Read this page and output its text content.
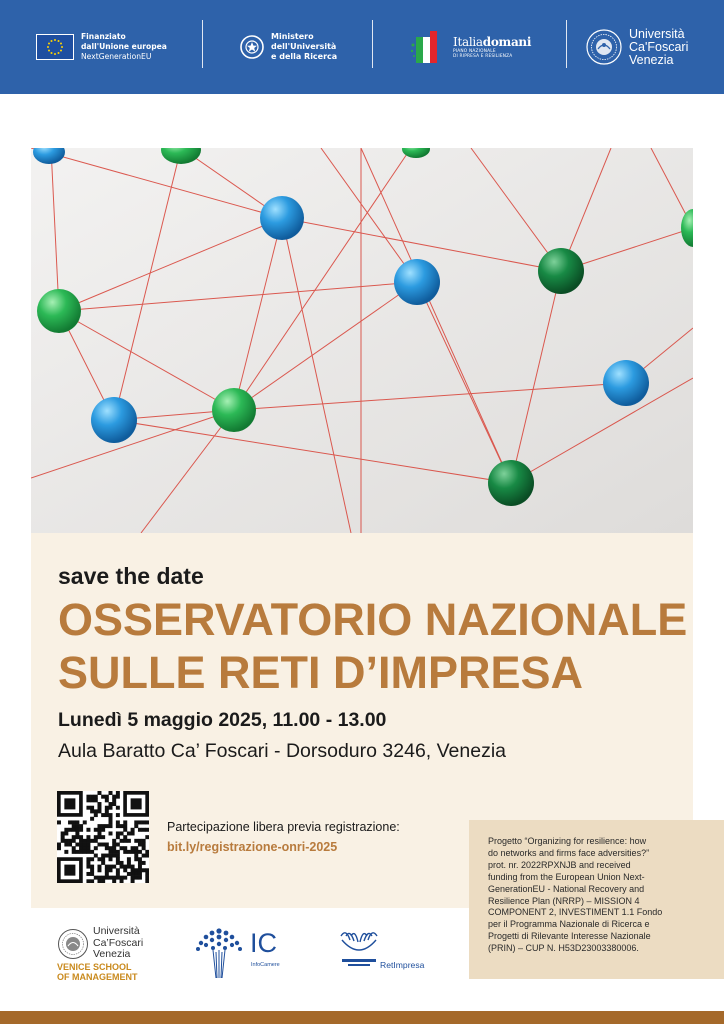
Finanziato
dall'Unione europea
NextGenerationEU
Ministero
dell'Università
e della Ricerca
Italiadomani
PIANO NAZIONALE
DI RIPRESA E RESILIENZA
Università
Ca'Foscari
Venezia
save the date
OSSERVATORIO NAZIONALE
SULLE RETI D’IMPRESA
Lunedì 5 maggio 2025, 11.00 - 13.00
Aula Baratto Ca’ Foscari - Dorsoduro 3246, Venezia
Partecipazione libera previa registrazione:
bit.ly/registrazione-onri-2025	Progetto “Organizing for resilience: how
do networks and firms face adversities?”
prot. nr. 2022RPXNJB and received
funding from the European Union Next-
GenerationEU - National Recovery and
Resilience Plan (NRRP) – MISSION 4
COMPONENT 2, INVESTIMENT 1.1 Fondo
per il Programma Nazionale di Ricerca e
Progetti di Rilevante Interesse Nazionale
(PRIN) – CUP N. H53D23003380006.
Università
Ca’Foscari
Venezia
VENICE SCHOOL
OF MANAGEMENT
IC
InfoCamere	RetImpresa
